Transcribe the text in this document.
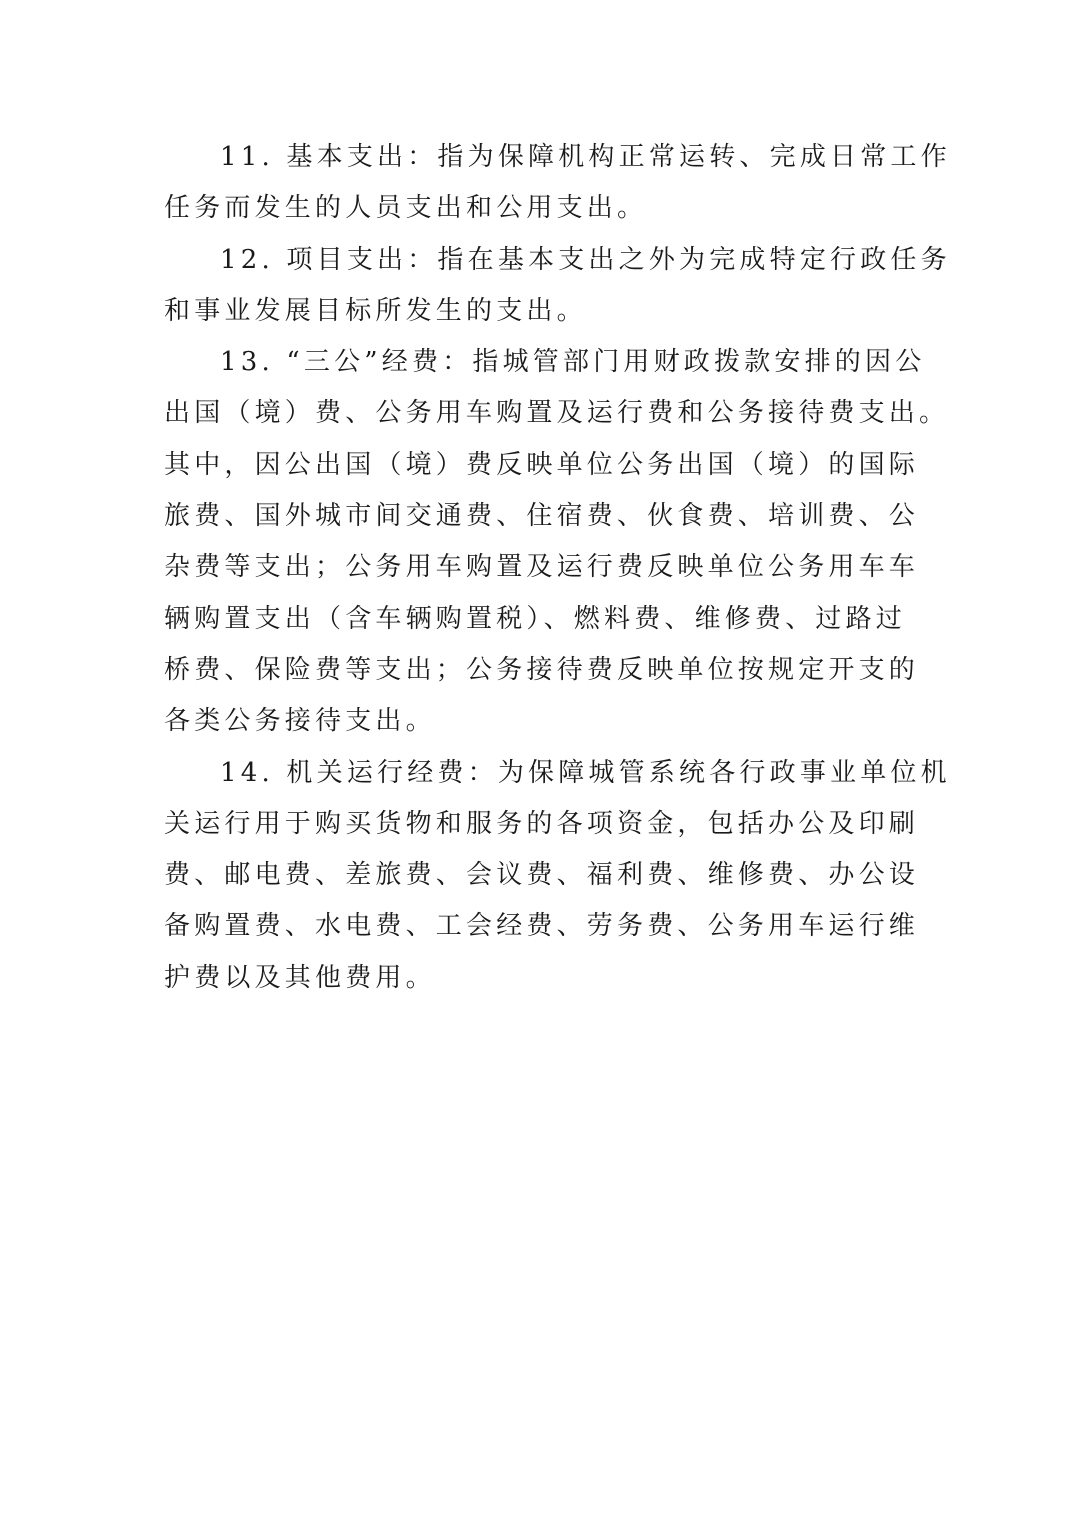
11. 基本支出：指为保障机构正常运转、完成日常工作
任务而发生的人员支出和公用支出。

12. 项目支出：指在基本支出之外为完成特定行政任务
和事业发展目标所发生的支出。

13. “三公”经费：指城管部门用财政拨款安排的因公
出国（境）费、公务用车购置及运行费和公务接待费支出。
其中，因公出国（境）费反映单位公务出国（境）的国际
旅费、国外城市间交通费、住宿费、伙食费、培训费、公
杂费等支出；公务用车购置及运行费反映单位公务用车车
辆购置支出（含车辆购置税）、燃料费、维修费、过路过
桥费、保险费等支出；公务接待费反映单位按规定开支的
各类公务接待支出。

14. 机关运行经费：为保障城管系统各行政事业单位机
关运行用于购买货物和服务的各项资金，包括办公及印刷
费、邮电费、差旅费、会议费、福利费、维修费、办公设
备购置费、水电费、工会经费、劳务费、公务用车运行维
护费以及其他费用。
